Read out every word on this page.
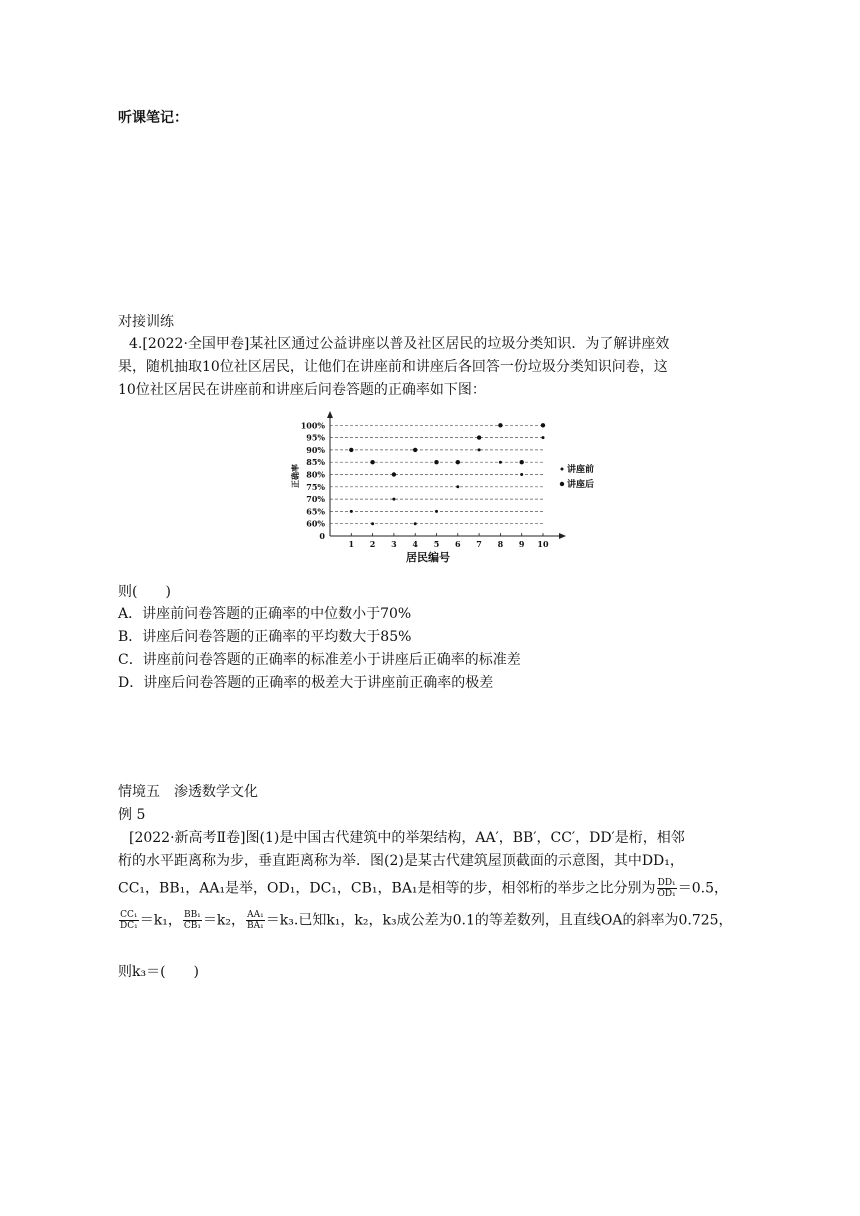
听课笔记：
对接训练
4.[2022·全国甲卷]某社区通过公益讲座以普及社区居民的垃圾分类知识．为了解讲座效
果，随机抽取10位社区居民，让他们在讲座前和讲座后各回答一份垃圾分类知识问卷，这
10位社区居民在讲座前和讲座后问卷答题的正确率如下图：
0
60%
65%
70%
75%
80%
85%
90%
95%
100%
1 2 3 4 5 6 7 8 9 10
居民编号
正确率	讲座前
讲座后
则(　　)
A．讲座前问卷答题的正确率的中位数小于70%
B．讲座后问卷答题的正确率的平均数大于85%
C．讲座前问卷答题的正确率的标准差小于讲座后正确率的标准差
D．讲座后问卷答题的正确率的极差大于讲座前正确率的极差
情境五　渗透数学文化
例 5
[2022·新高考Ⅱ卷]图(1)是中国古代建筑中的举架结构，AA′，BB′，CC′，DD′是桁，相邻
桁的水平距离称为步，垂直距离称为举．图(2)是某古代建筑屋顶截面的示意图，其中DD₁，
CC₁，BB₁，AA₁是举，OD₁，DC₁，CB₁，BA₁是相等的步，相邻桁的举步之比分别为 $\frac{\text{DD₁}}{\text{OD₁}} =0.5$，
$\frac{\text{CC₁}}{\text{DC₁}} =k_1$， $\frac{\text{BB₁}}{\text{CB₁}} =k_2$， $\frac{\text{AA₁}}{\text{BA₁}} =k_3$.已知k₁，k₂，k₃成公差为0.1的等差数列，且直线OA的斜率为0.725，
则k₃＝(　　)
